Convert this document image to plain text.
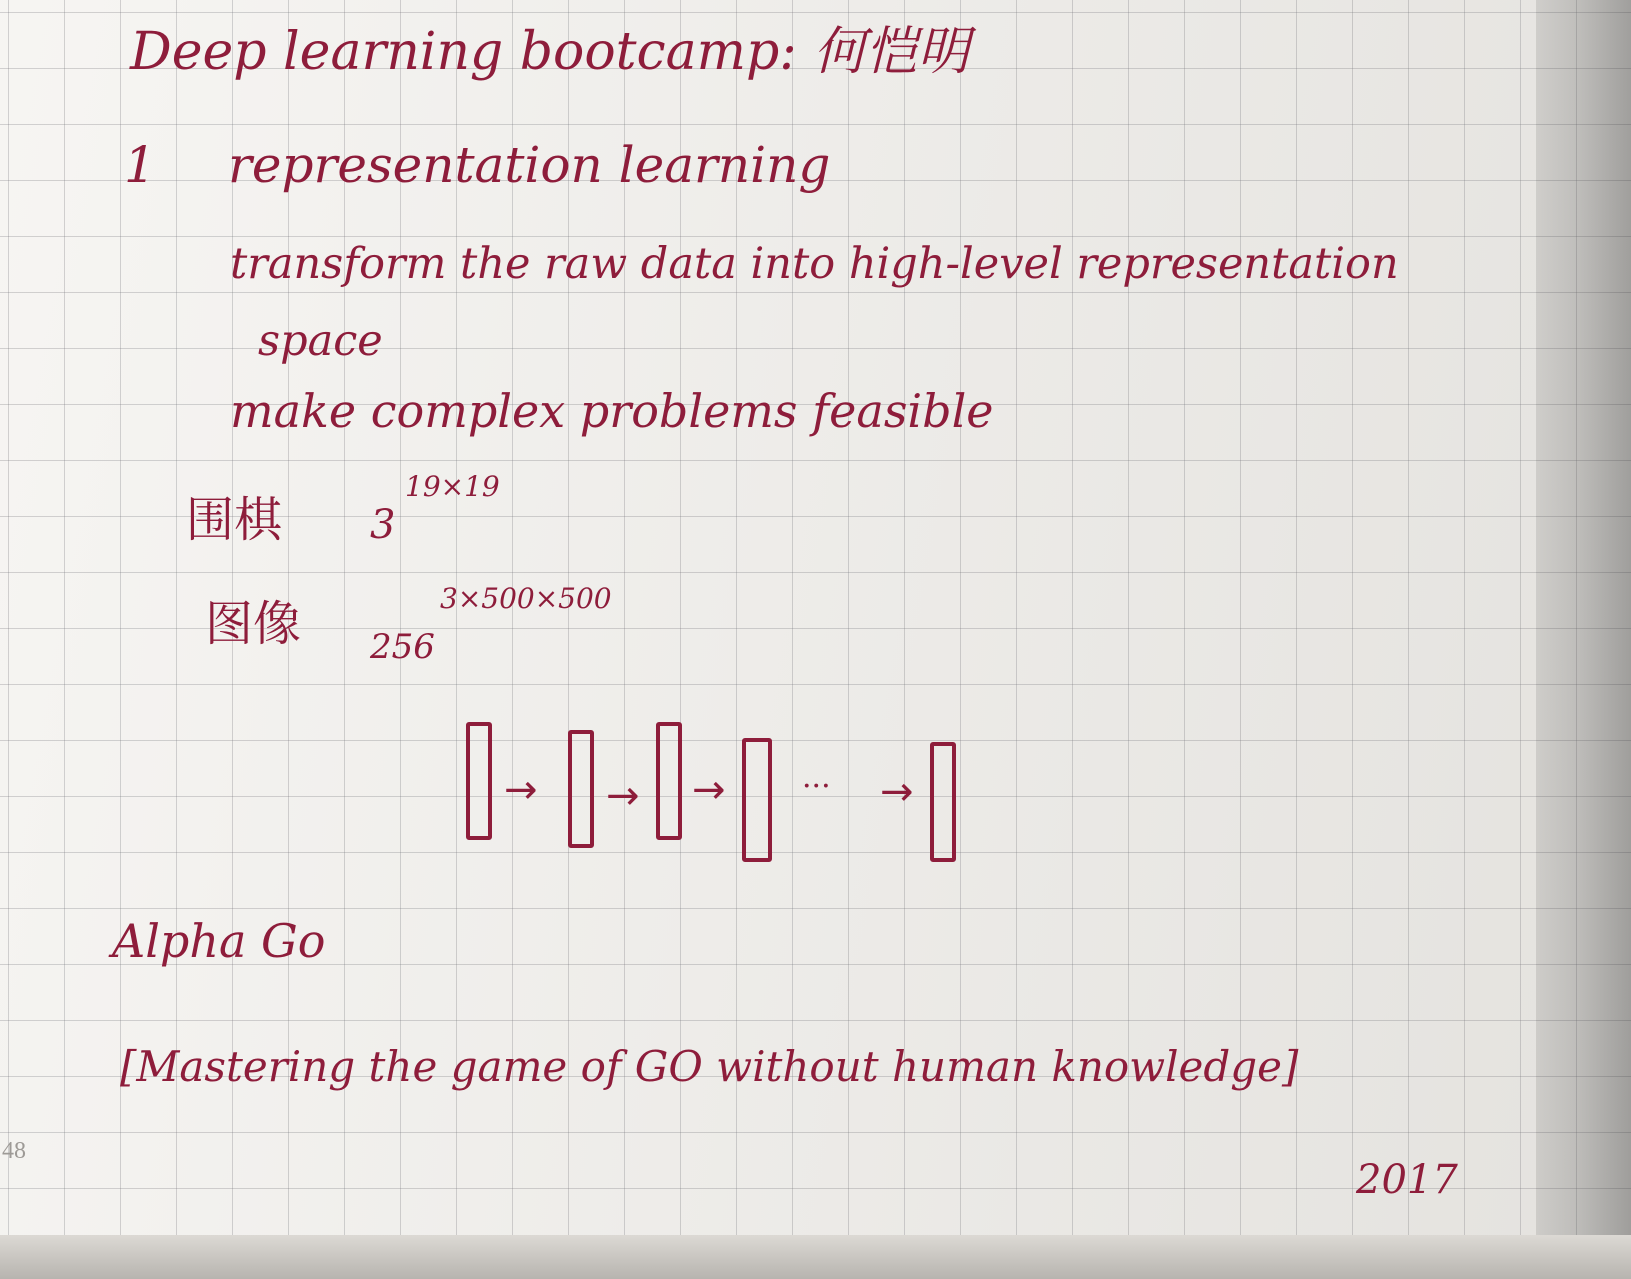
Deep learning bootcamp: 何恺明
1 representation learning
transform the raw data into high-level representation
space
make complex problems feasible
围棋 3
19×19
图像 256
3×500×500
→ → →	··· →
Alpha Go
[Mastering the game of GO without human knowledge]
2017
48
